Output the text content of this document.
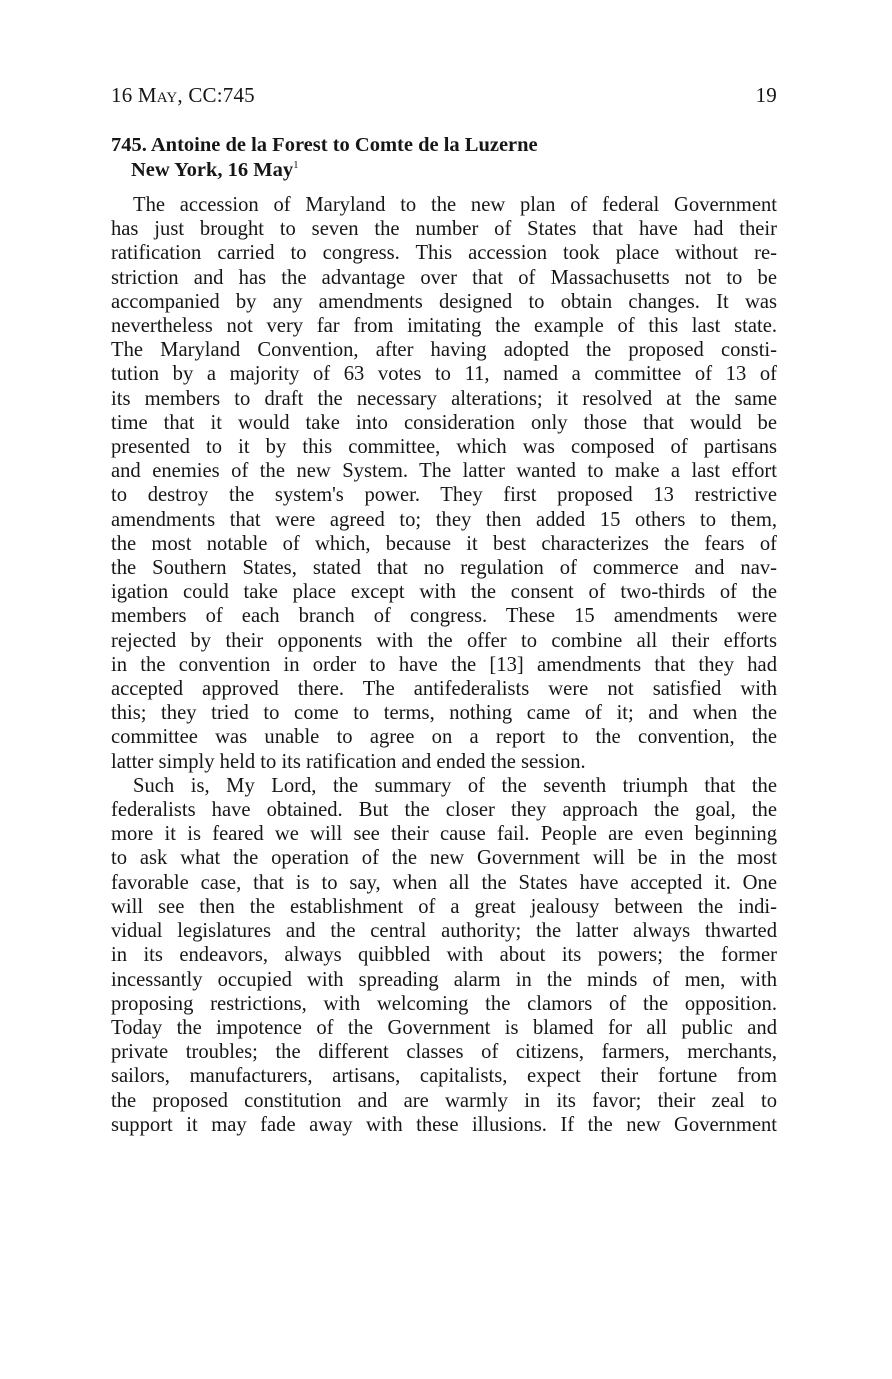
16 May, CC:745	19
745. Antoine de la Forest to Comte de la Luzerne
New York, 16 May$^1$
The accession of Maryland to the new plan of federal Government
has just brought to seven the number of States that have had their
ratification carried to congress. This accession took place without re-
striction and has the advantage over that of Massachusetts not to be
accompanied by any amendments designed to obtain changes. It was
nevertheless not very far from imitating the example of this last state.
The Maryland Convention, after having adopted the proposed consti-
tution by a majority of 63 votes to 11, named a committee of 13 of
its members to draft the necessary alterations; it resolved at the same
time that it would take into consideration only those that would be
presented to it by this committee, which was composed of partisans
and enemies of the new System. The latter wanted to make a last effort
to destroy the system's power. They first proposed 13 restrictive
amendments that were agreed to; they then added 15 others to them,
the most notable of which, because it best characterizes the fears of
the Southern States, stated that no regulation of commerce and nav-
igation could take place except with the consent of two-thirds of the
members of each branch of congress. These 15 amendments were
rejected by their opponents with the offer to combine all their efforts
in the convention in order to have the [13] amendments that they had
accepted approved there. The antifederalists were not satisfied with
this; they tried to come to terms, nothing came of it; and when the
committee was unable to agree on a report to the convention, the
latter simply held to its ratification and ended the session.
Such is, My Lord, the summary of the seventh triumph that the
federalists have obtained. But the closer they approach the goal, the
more it is feared we will see their cause fail. People are even beginning
to ask what the operation of the new Government will be in the most
favorable case, that is to say, when all the States have accepted it. One
will see then the establishment of a great jealousy between the indi-
vidual legislatures and the central authority; the latter always thwarted
in its endeavors, always quibbled with about its powers; the former
incessantly occupied with spreading alarm in the minds of men, with
proposing restrictions, with welcoming the clamors of the opposition.
Today the impotence of the Government is blamed for all public and
private troubles; the different classes of citizens, farmers, merchants,
sailors, manufacturers, artisans, capitalists, expect their fortune from
the proposed constitution and are warmly in its favor; their zeal to
support it may fade away with these illusions. If the new Government
